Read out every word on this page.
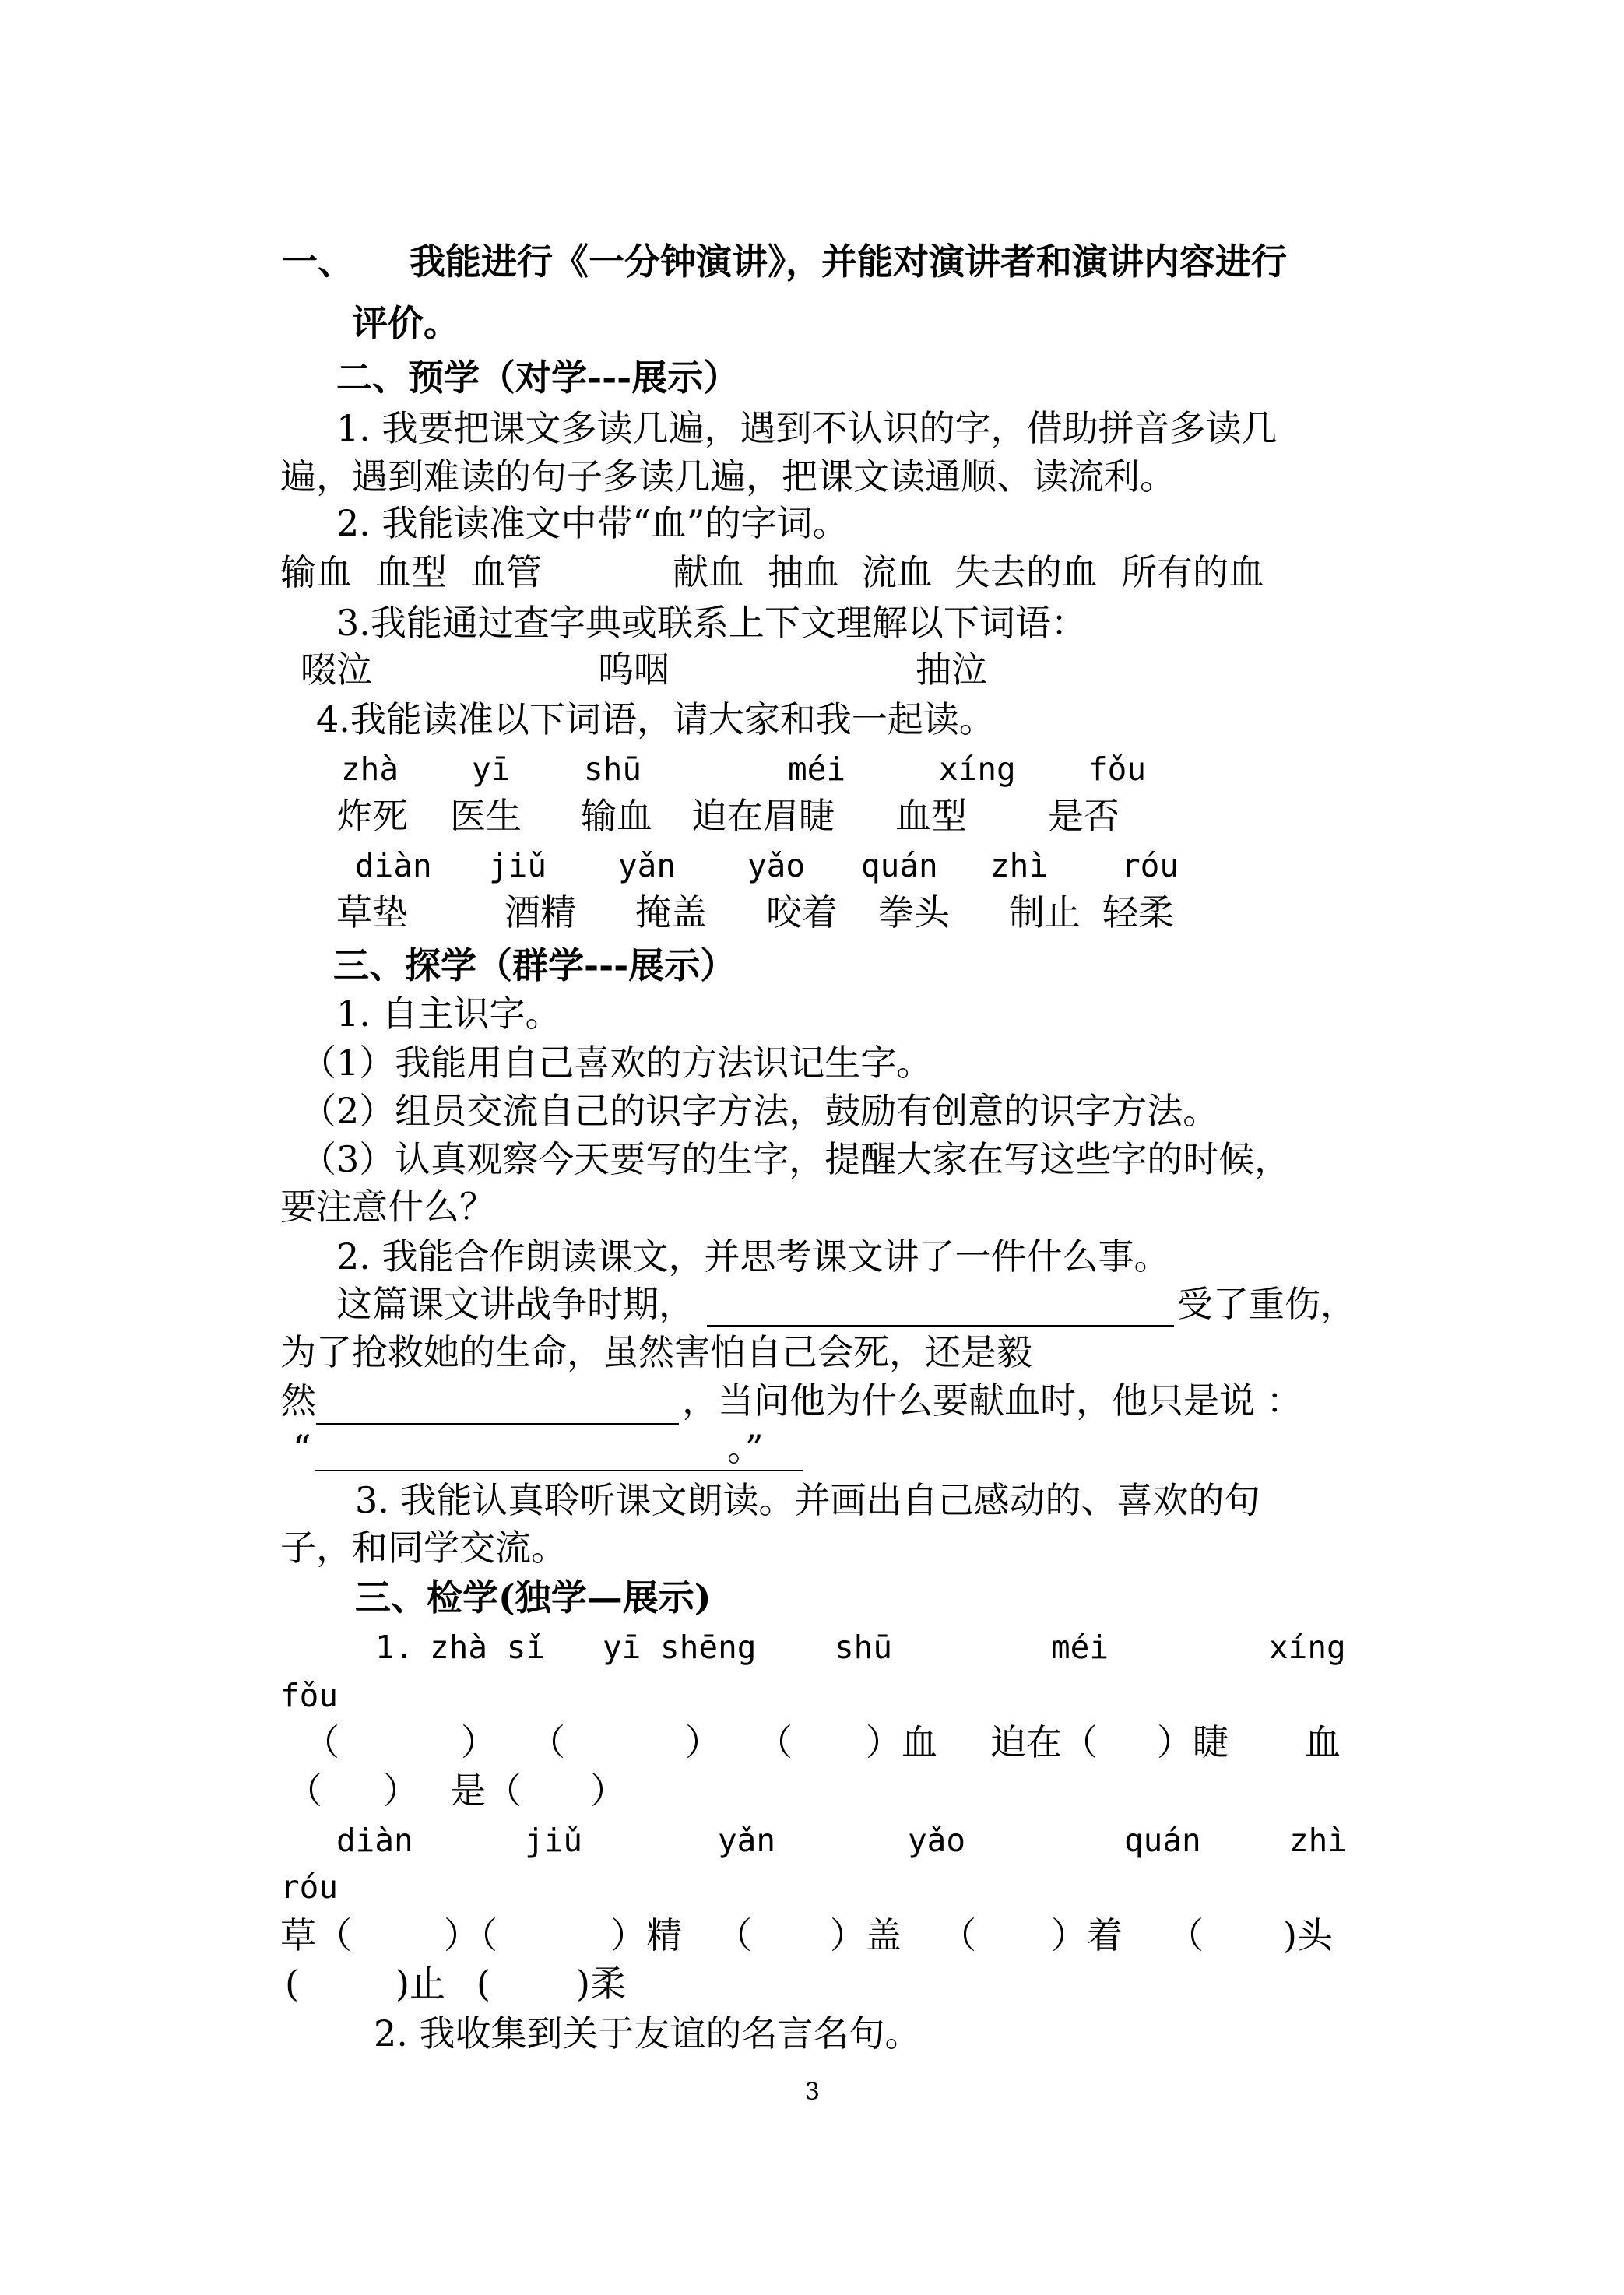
一、 我能进行《一分钟演讲》，并能对演讲者和演讲内容进行
评价。
二、预学（对学---展示）
1. 我要把课文多读几遍，遇到不认识的字，借助拼音多读几
遍，遇到难读的句子多读几遍，把课文读通顺、读流利。
2. 我能读准文中带“血”的字词。
输血 血型 血管	献血 抽血 流血 失去的血 所有的血
3.我能通过查字典或联系上下文理解以下词语：
啜泣	呜咽	抽泣
4.我能读准以下词语，请大家和我一起读。
zhà yī shū	méi	xíng fǒu
炸死 医生 输血 迫在眉睫 血型 是否
diàn jiǔ yǎn yǎo quán zhì róu
草垫	酒精 掩盖 咬着 拳头 制止 轻柔
三、探学（群学---展示）
1. 自主识字。
（1）我能用自己喜欢的方法识记生字。
（2）组员交流自己的识字方法，鼓励有创意的识字方法。
（3）认真观察今天要写的生字，提醒大家在写这些字的时候，
要注意什么？
2. 我能合作朗读课文，并思考课文讲了一件什么事。
这篇课文讲战争时期，	受了重伤，
为了抢救她的生命，虽然害怕自己会死，还是毅
然	，当问他为什么要献血时，他只是说 ：
“	。”
3. 我能认真聆听课文朗读。并画出自己感动的、喜欢的句
子，和同学交流。
三、检学(独学—展示)
1. zhà sǐ yī shēng shū	méi	xíng
fǒu
（	） （	） （ ）血 迫在（ ）睫 血
（ ） 是（ ）
diàn	jiǔ	yǎn	yǎo	quán	zhì
róu
草（	）（	）精 （ ）盖 （ ）着 （ )头
(	)止 ( )柔
2. 我收集到关于友谊的名言名句。
3
